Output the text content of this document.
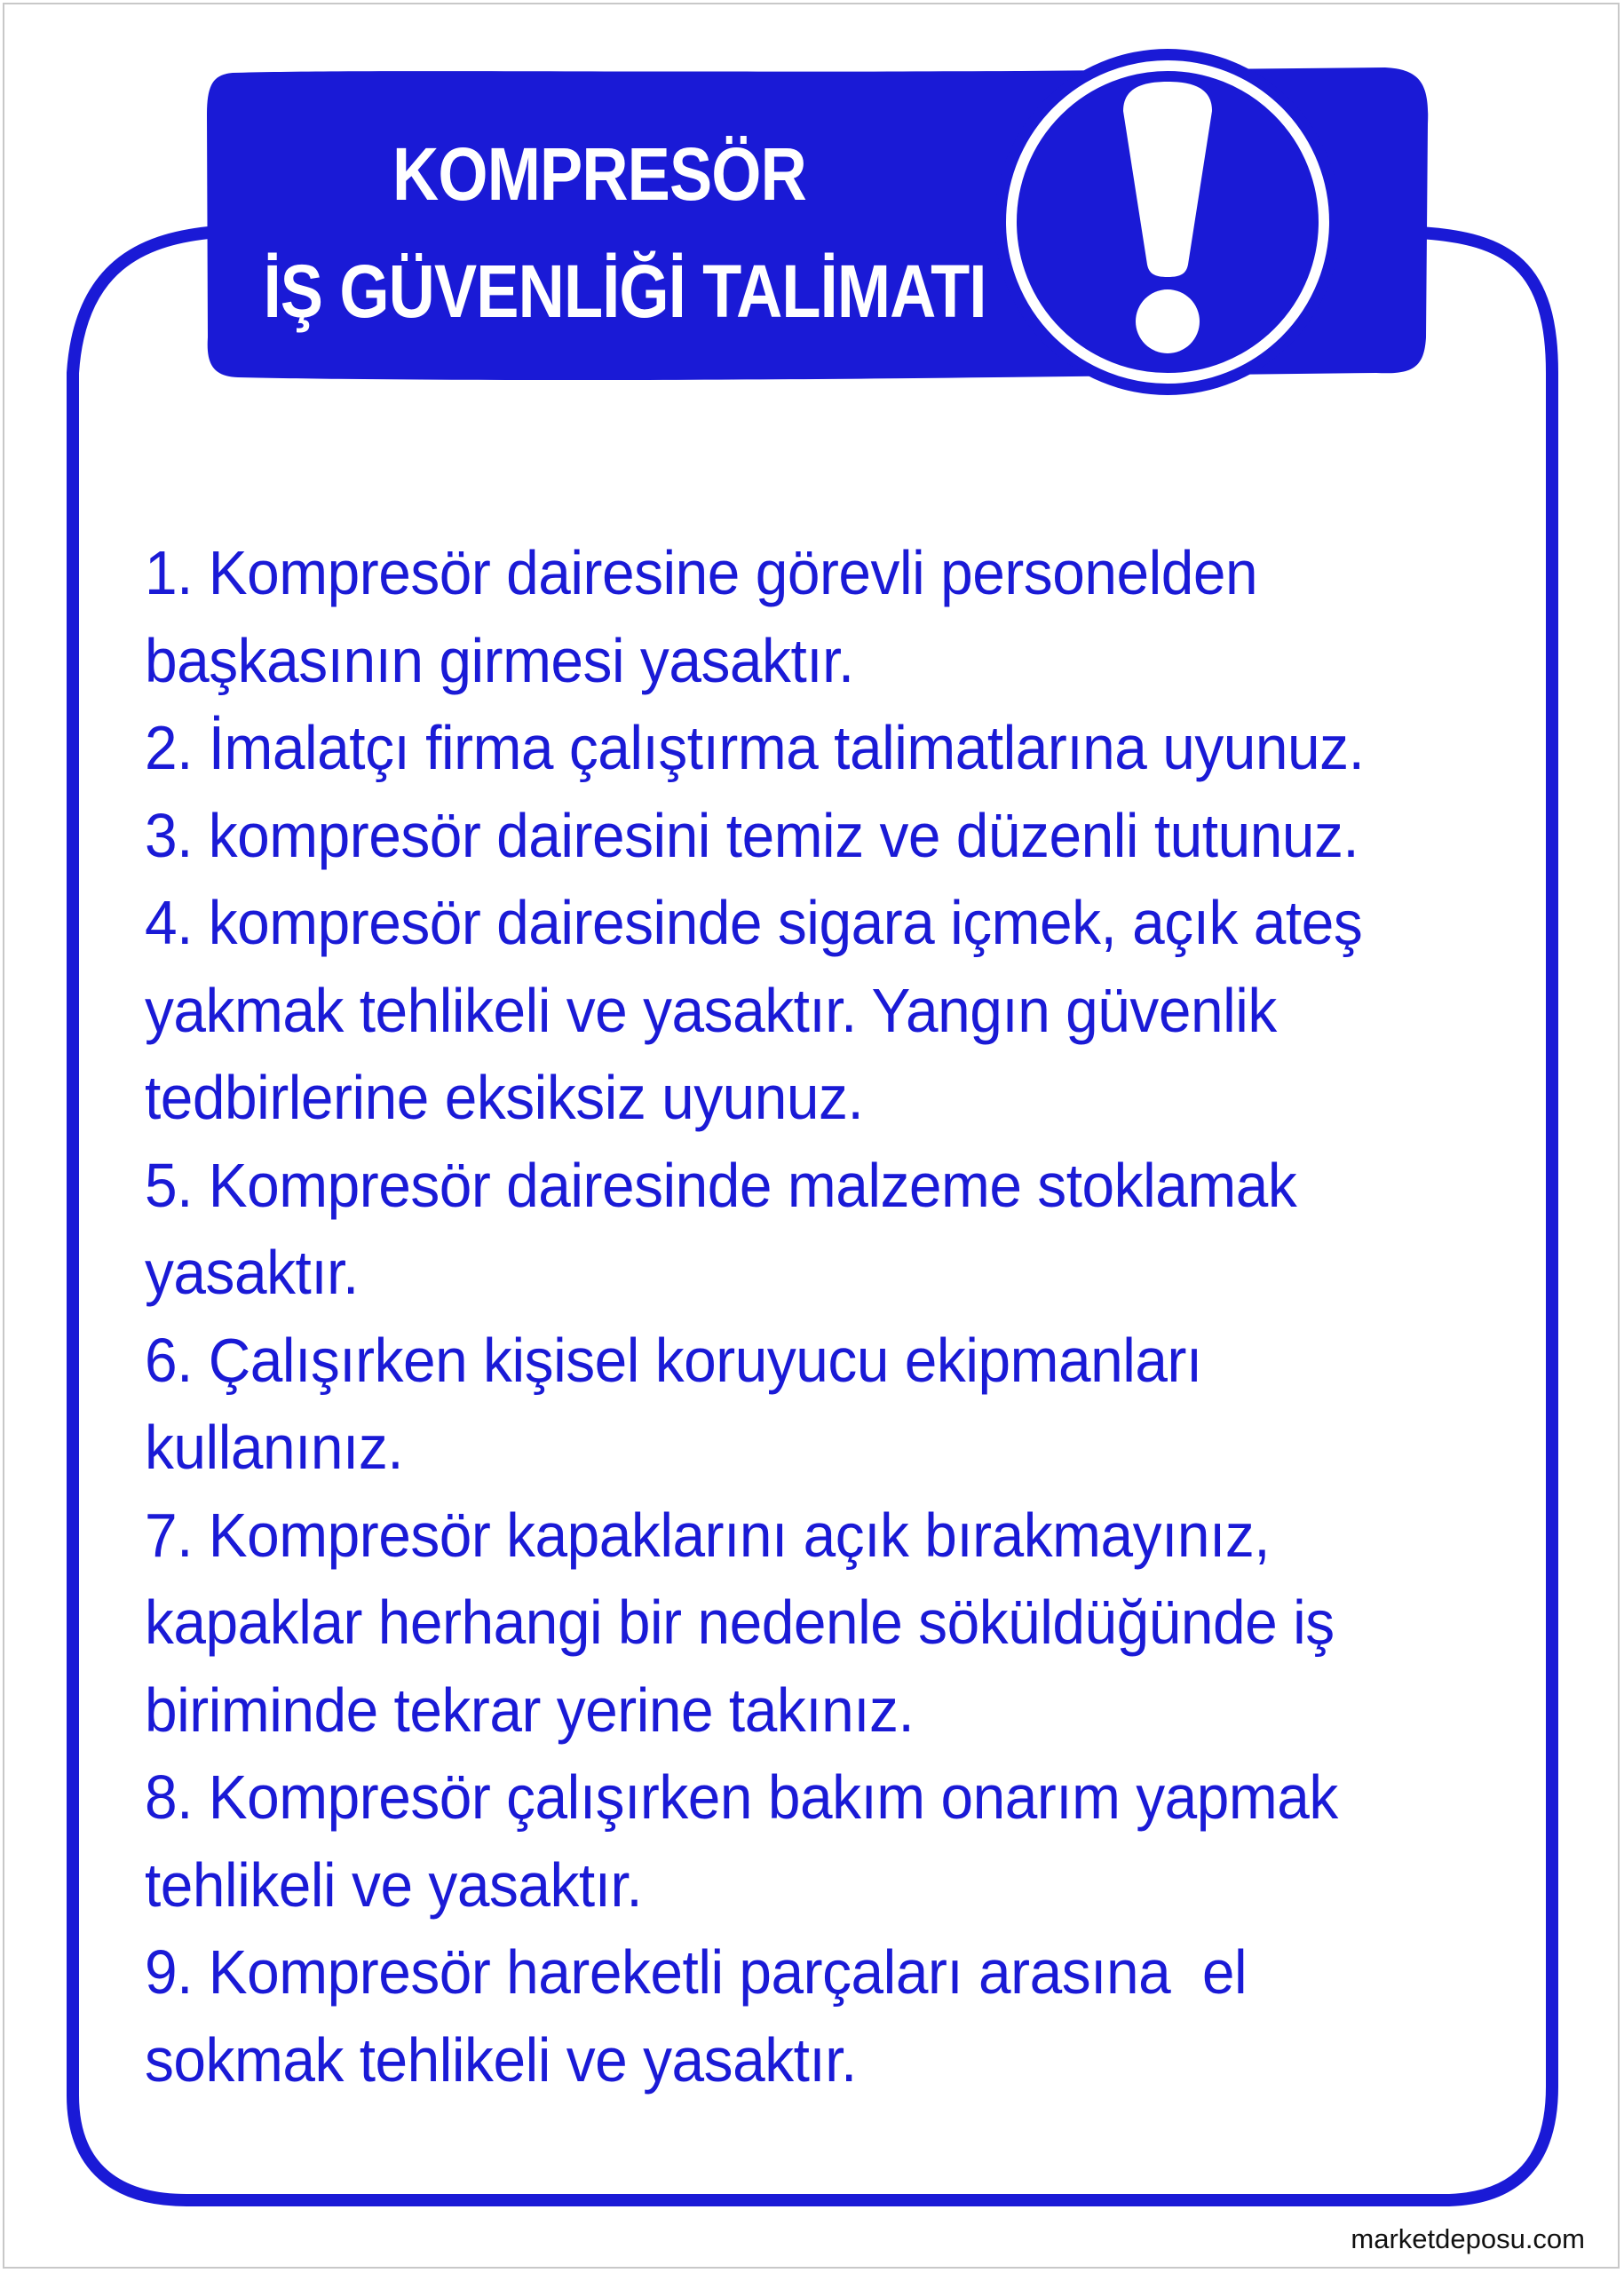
KOMPRESÖR
İŞ GÜVENLİĞİ TALİMATI
1. Kompresör dairesine görevli personelden
başkasının girmesi yasaktır.
2. İmalatçı firma çalıştırma talimatlarına uyunuz.
3. kompresör dairesini temiz ve düzenli tutunuz.
4. kompresör dairesinde sigara içmek, açık ateş
yakmak tehlikeli ve yasaktır. Yangın güvenlik
tedbirlerine eksiksiz uyunuz.
5. Kompresör dairesinde malzeme stoklamak
yasaktır.
6. Çalışırken kişisel koruyucu ekipmanları
kullanınız.
7. Kompresör kapaklarını açık bırakmayınız,
kapaklar herhangi bir nedenle söküldüğünde iş
biriminde tekrar yerine takınız.
8. Kompresör çalışırken bakım onarım yapmak
tehlikeli ve yasaktır.
9. Kompresör hareketli parçaları arasına  el
sokmak tehlikeli ve yasaktır.
marketdeposu.com
